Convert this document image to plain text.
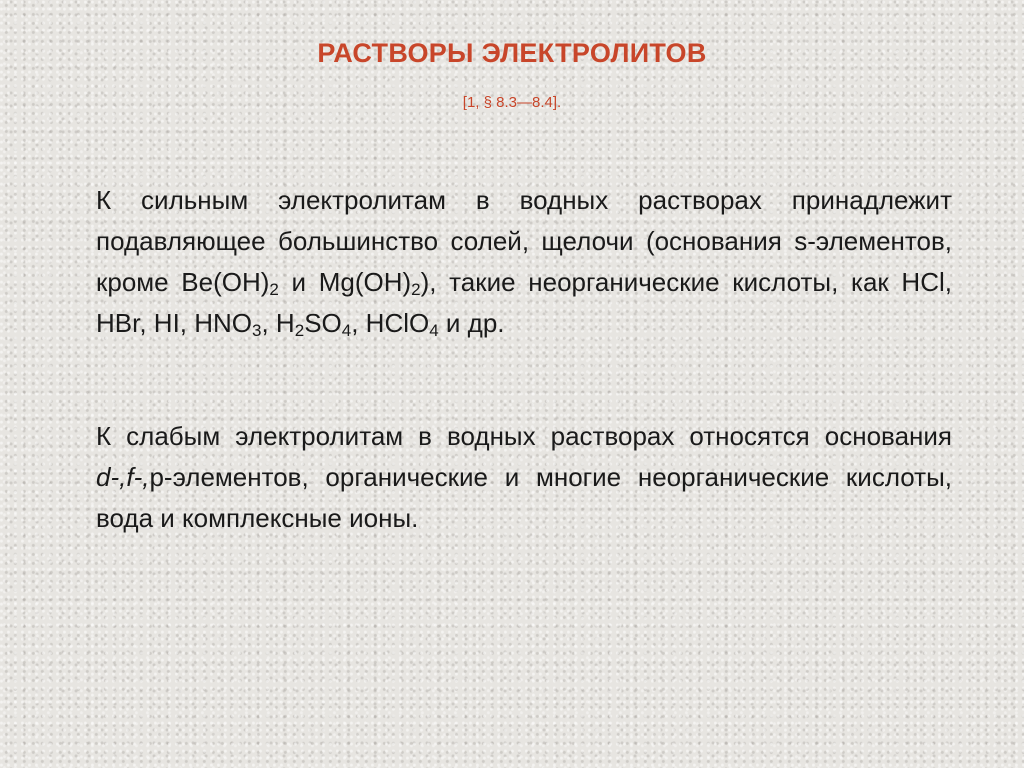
РАСТВОРЫ ЭЛЕКТРОЛИТОВ
[1, § 8.3—8.4].
К сильным электролитам в водных растворах принадлежит подавляющее большинство солей, щелочи (основания s-элементов, кроме $Be(OH)_2$ и $Mg(OH)_2$), такие неорганические кислоты, как HCl, HBr, HI, $HNO_3$, $H_2SO_4$, HClO$_4$ и др.
К слабым электролитам в водных растворах относятся основания d-,f-,p-элементов, органические и многие неорганические кислоты, вода и комплексные ионы.
